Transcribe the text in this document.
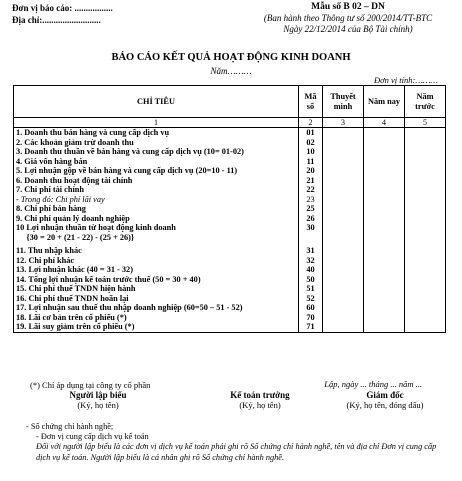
Đơn vị báo cáo: .................
Địa chỉ:..........................
Mẫu số B 02 – DN
(Ban hành theo Thông tư số 200/2014/TT-BTC
Ngày 22/12/2014 của Bộ Tài chính)
BÁO CÁO KẾT QUẢ HOẠT ĐỘNG KINH DOANH
Năm………
Đơn vị tính:………
CHỈ TIÊU	Mã số	Thuyết minh	Năm nay	Năm trước
1	2	3	4	5
1. Doanh thu bán hàng và cung cấp dịch vụ	01			
2. Các khoản giảm trừ doanh thu	02			
3. Doanh thu thuần về bán hàng và cung cấp dịch vụ (10= 01-02)	10			
4. Giá vốn hàng bán	11			
5. Lợi nhuận gộp về bán hàng và cung cấp dịch vụ (20=10 - 11)	20			
6. Doanh thu hoạt động tài chính	21			
7. Chi phí tài chính	22			
- Trong đó: Chi phí lãi vay	23			
8. Chi phí bán hàng	25			
9. Chi phí quản lý doanh nghiệp	26			
10 Lợi nhuận thuần từ hoạt động kinh doanh	30			
{30 = 20 + (21 - 22) - (25 + 26)}				

11. Thu nhập khác	31			
12. Chi phí khác	32			
13. Lợi nhuận khác (40 = 31 - 32)	40			
14. Tổng lợi nhuận kế toán trước thuế (50 = 30 + 40)	50			
15. Chi phí thuế TNDN hiện hành	51			
16. Chi phí thuế TNDN hoãn lại	52			
17. Lợi nhuận sau thuế thu nhập doanh nghiệp (60=50 – 51 - 52)	60			
18. Lãi cơ bản trên cổ phiếu (*)	70			
19. Lãi suy giảm trên cổ phiếu (*)	71			
(*) Chỉ áp dụng tại công ty cổ phần	Lập, ngày ... tháng ... năm ...
Người lập biểu
(Ký, họ tên)
Kế toán trưởng
(Ký, họ tên)
Giám đốc
(Ký, họ tên, đóng dấu)
- Số chứng chỉ hành nghề;
- Đơn vị cung cấp dịch vụ kế toán
Đối với người lập biểu là các đơn vị dịch vụ kế toán phải ghi rõ Số chứng chỉ hành nghề, tên và địa chỉ Đơn vị cung cấp dịch vụ kế toán. Người lập biểu là cá nhân ghi rõ Số chứng chỉ hành nghề.
